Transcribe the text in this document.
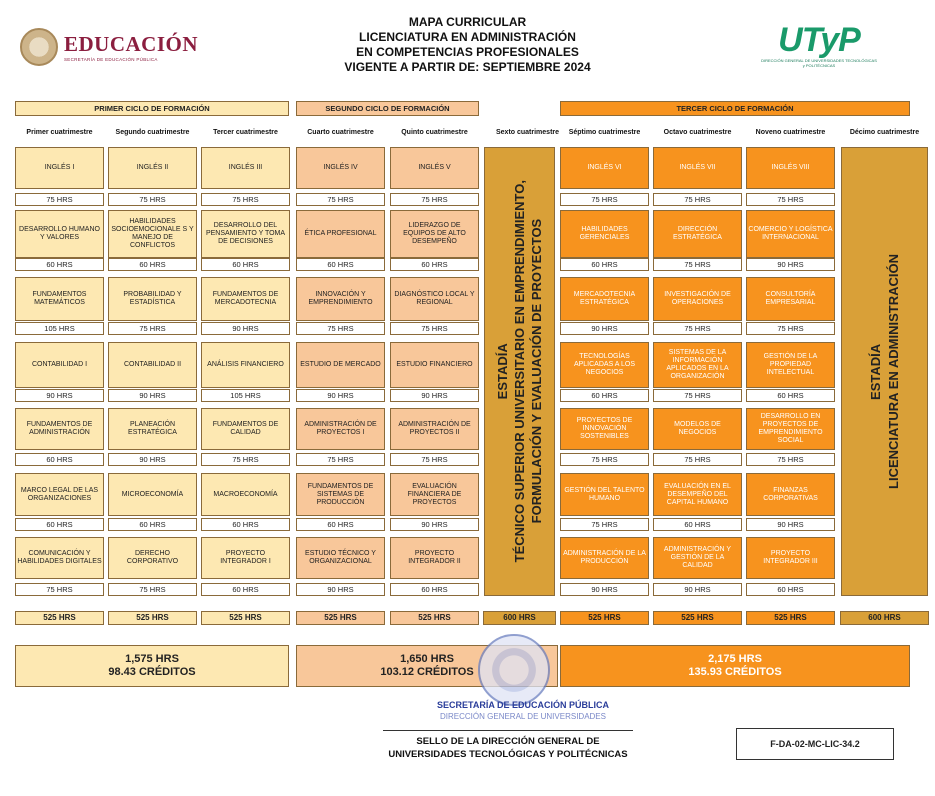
EDUCACIÓN
SECRETARÍA DE EDUCACIÓN PÚBLICA
MAPA CURRICULAR
LICENCIATURA EN ADMINISTRACIÓN
EN COMPETENCIAS PROFESIONALES
VIGENTE A PARTIR DE: SEPTIEMBRE 2024
UTyP
DIRECCIÓN GENERAL DE UNIVERSIDADES TECNOLÓGICAS y POLITÉCNICAS
PRIMER CICLO DE FORMACIÓN	SEGUNDO CICLO DE FORMACIÓN	TERCER CICLO DE FORMACIÓN
Primer cuatrimestre
INGLÉS I
75 HRS
DESARROLLO HUMANO Y VALORES
60 HRS
FUNDAMENTOS MATEMÁTICOS
105 HRS
CONTABILIDAD I
90 HRS
FUNDAMENTOS DE ADMINISTRACIÓN
60 HRS
MARCO LEGAL DE LAS ORGANIZACIONES
60 HRS
COMUNICACIÓN Y HABILIDADES DIGITALES
75 HRS
525 HRS
Segundo cuatrimestre
INGLÉS II
75 HRS
HABILIDADES SOCIOEMOCIONALE S Y MANEJO DE CONFLICTOS
60 HRS
PROBABILIDAD Y ESTADÍSTICA
75 HRS
CONTABILIDAD II
90 HRS
PLANEACIÓN ESTRATÉGICA
90 HRS
MICROECONOMÍA
60 HRS
DERECHO CORPORATIVO
75 HRS
525 HRS
Tercer cuatrimestre
INGLÉS III
75 HRS
DESARROLLO DEL PENSAMIENTO Y TOMA DE DECISIONES
60 HRS
FUNDAMENTOS DE MERCADOTECNIA
90 HRS
ANÁLISIS FINANCIERO
105 HRS
FUNDAMENTOS DE CALIDAD
75 HRS
MACROECONOMÍA
60 HRS
PROYECTO INTEGRADOR I
60 HRS
525 HRS
Cuarto cuatrimestre
INGLÉS IV
75 HRS
ÉTICA PROFESIONAL
60 HRS
INNOVACIÓN Y EMPRENDIMIENTO
75 HRS
ESTUDIO DE MERCADO
90 HRS
ADMINISTRACIÓN DE PROYECTOS I
75 HRS
FUNDAMENTOS DE SISTEMAS DE PRODUCCIÓN
60 HRS
ESTUDIO TÉCNICO Y ORGANIZACIONAL
90 HRS
525 HRS
Quinto cuatrimestre
INGLÉS V
75 HRS
LIDERAZGO DE EQUIPOS DE ALTO DESEMPEÑO
60 HRS
DIAGNÓSTICO LOCAL Y REGIONAL
75 HRS
ESTUDIO FINANCIERO
90 HRS
ADMINISTRACIÓN DE PROYECTOS II
75 HRS
EVALUACIÓN FINANCIERA DE PROYECTOS
90 HRS
PROYECTO INTEGRADOR II
60 HRS
525 HRS
Sexto cuatrimestre
ESTADÍA
TÉCNICO SUPERIOR UNIVERSITARIO EN EMPRENDIMIENTO,
FORMULACIÓN Y EVALUACIÓN DE PROYECTOS
600 HRS
Séptimo cuatrimestre
INGLÉS VI
75 HRS
HABILIDADES GERENCIALES
60 HRS
MERCADOTECNIA ESTRATÉGICA
90 HRS
TECNOLOGÍAS APLICADAS A LOS NEGOCIOS
60 HRS
PROYECTOS DE INNOVACIÓN SOSTENIBLES
75 HRS
GESTIÓN DEL TALENTO HUMANO
75 HRS
ADMINISTRACIÓN DE LA PRODUCCIÓN
90 HRS
525 HRS
Octavo cuatrimestre
INGLÉS VII
75 HRS
DIRECCIÓN ESTRATÉGICA
75 HRS
INVESTIGACIÓN DE OPERACIONES
75 HRS
SISTEMAS DE LA INFORMACIÓN APLICADOS EN LA ORGANIZACIÓN
75 HRS
MODELOS DE NEGOCIOS
75 HRS
EVALUACIÓN EN EL DESEMPEÑO DEL CAPITAL HUMANO
60 HRS
ADMINISTRACIÓN Y GESTIÓN DE LA CALIDAD
90 HRS
525 HRS
Noveno cuatrimestre
INGLÉS VIII
75 HRS
COMERCIO Y LOGÍSTICA INTERNACIONAL
90 HRS
CONSULTORÍA EMPRESARIAL
75 HRS
GESTIÓN DE LA PROPIEDAD INTELECTUAL
60 HRS
DESARROLLO EN PROYECTOS DE EMPRENDIMIENTO SOCIAL
75 HRS
FINANZAS CORPORATIVAS
90 HRS
PROYECTO INTEGRADOR III
60 HRS
525 HRS
Décimo cuatrimestre
ESTADÍA
LICENCIATURA EN ADMINISTRACIÓN
600 HRS
1,575 HRS
98.43 CRÉDITOS
1,650 HRS
103.12 CRÉDITOS
2,175 HRS
135.93 CRÉDITOS
SECRETARÍA DE EDUCACIÓN PÚBLICA
DIRECCIÓN GENERAL DE UNIVERSIDADES
SELLO DE LA DIRECCIÓN GENERAL DE UNIVERSIDADES TECNOLÓGICAS Y POLITÉCNICAS
F-DA-02-MC-LIC-34.2
